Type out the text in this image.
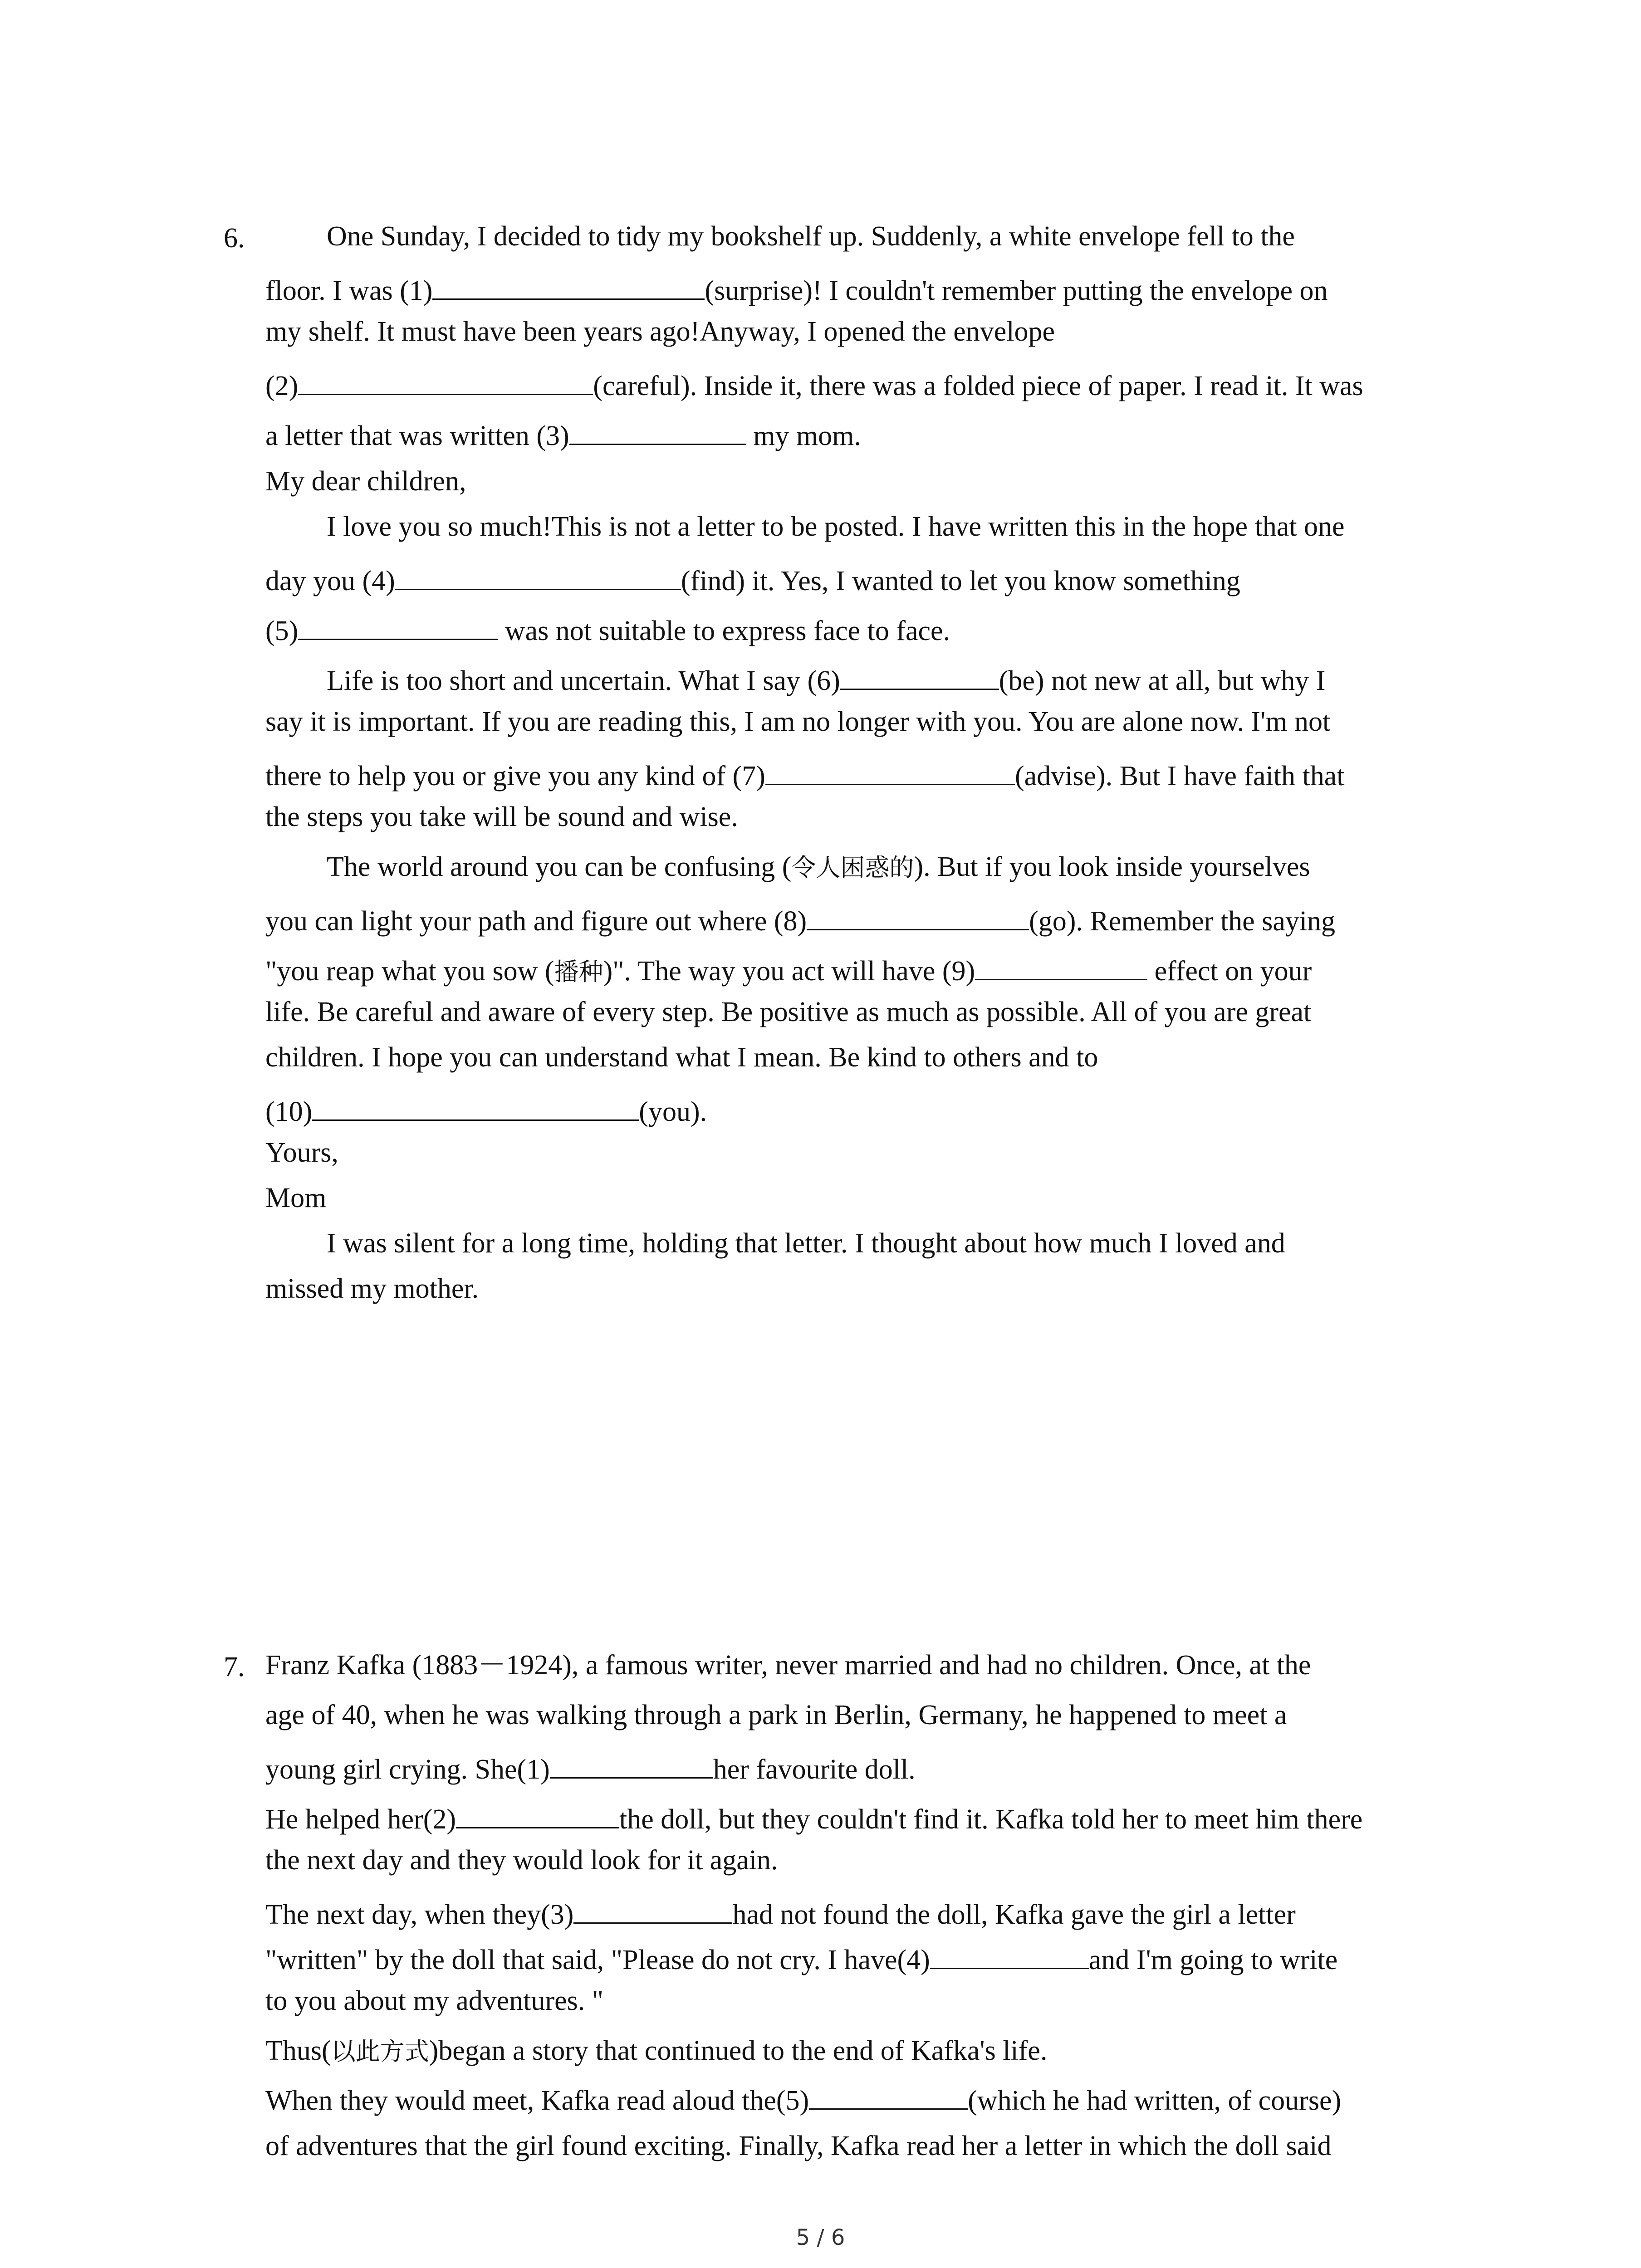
6.	One Sunday, I decided to tidy my bookshelf up. Suddenly, a white envelope fell to the
floor. I was (1)	(surprise)! I couldn't remember putting the envelope on
my shelf. It must have been years ago!Anyway, I opened the envelope
(2)	(careful). Inside it, there was a folded piece of paper. I read it. It was
a letter that was written (3)	my mom.
My dear children,
I love you so much!This is not a letter to be posted. I have written this in the hope that one
day you (4)	(find) it. Yes, I wanted to let you know something
(5)	was not suitable to express face to face.
Life is too short and uncertain. What I say (6)	(be) not new at all, but why I
say it is important. If you are reading this, I am no longer with you. You are alone now. I'm not
there to help you or give you any kind of (7)	(advise). But I have faith that
the steps you take will be sound and wise.
The world around you can be confusing (令人困惑的). But if you look inside yourselves
you can light your path and figure out where (8)	(go). Remember the saying
"you reap what you sow (播种)". The way you act will have (9)	effect on your
life. Be careful and aware of every step. Be positive as much as possible. All of you are great
children. I hope you can understand what I mean. Be kind to others and to
(10)	(you).
Yours,
Mom
I was silent for a long time, holding that letter. I thought about how much I loved and
missed my mother.
7. Franz Kafka (1883－1924), a famous writer, never married and had no children. Once, at the
age of 40, when he was walking through a park in Berlin, Germany, he happened to meet a
young girl crying. She(1)	her favourite doll.
He helped her(2)	the doll, but they couldn't find it. Kafka told her to meet him there
the next day and they would look for it again.
The next day, when they(3)	had not found the doll, Kafka gave the girl a letter
"written" by the doll that said, "Please do not cry. I have(4)	and I'm going to write
to you about my adventures. "
Thus(以此方式)began a story that continued to the end of Kafka's life.
When they would meet, Kafka read aloud the(5)	(which he had written, of course)
of adventures that the girl found exciting. Finally, Kafka read her a letter in which the doll said
5 / 6
